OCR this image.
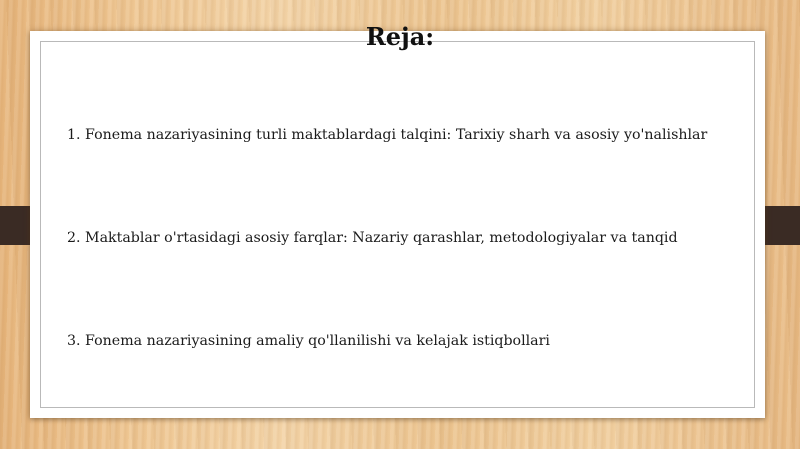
Reja:
1. Fonema nazariyasining turli maktablardagi talqini: Tarixiy sharh va asosiy yo'nalishlar
2. Maktablar o'rtasidagi asosiy farqlar: Nazariy qarashlar, metodologiyalar va tanqid
3. Fonema nazariyasining amaliy qo'llanilishi va kelajak istiqbollari
